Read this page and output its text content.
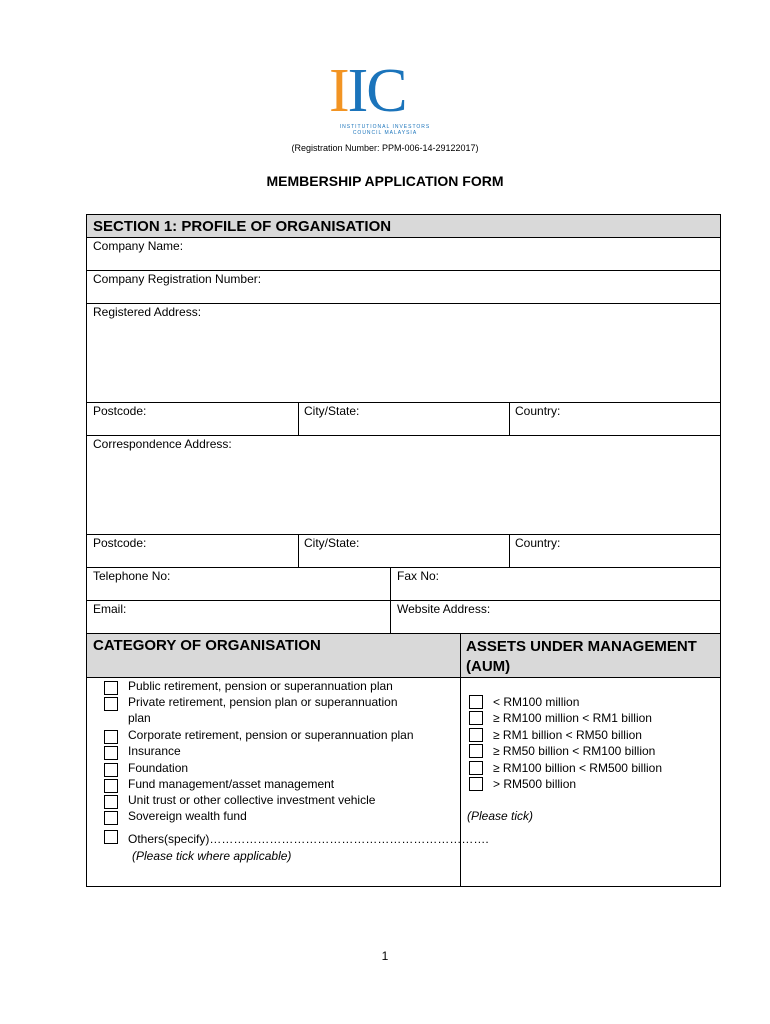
IIC
INSTITUTIONAL INVESTORS COUNCIL MALAYSIA
(Registration Number: PPM-006-14-29122017)
MEMBERSHIP APPLICATION FORM
SECTION 1: PROFILE OF ORGANISATION
Company Name:
Company Registration Number:
Registered Address:
Postcode:	City/State:	Country:
Correspondence Address:
Postcode:	City/State:	Country:
Telephone No:	Fax No:
Email:	Website Address:
CATEGORY OF ORGANISATION	ASSETS UNDER MANAGEMENT
(AUM)
Public retirement, pension or superannuation plan
Private retirement, pension plan or superannuation
plan
Corporate retirement, pension or superannuation plan
Insurance
Foundation
Fund management/asset management
Unit trust or other collective investment vehicle
Sovereign wealth fund
Others(specify)…………………………………………………………….
(Please tick where applicable)
< RM100 million
≥ RM100 million < RM1 billion
≥ RM1 billion < RM50 billion
≥ RM50 billion < RM100 billion
≥ RM100 billion < RM500 billion
> RM500 billion
(Please tick)
1
